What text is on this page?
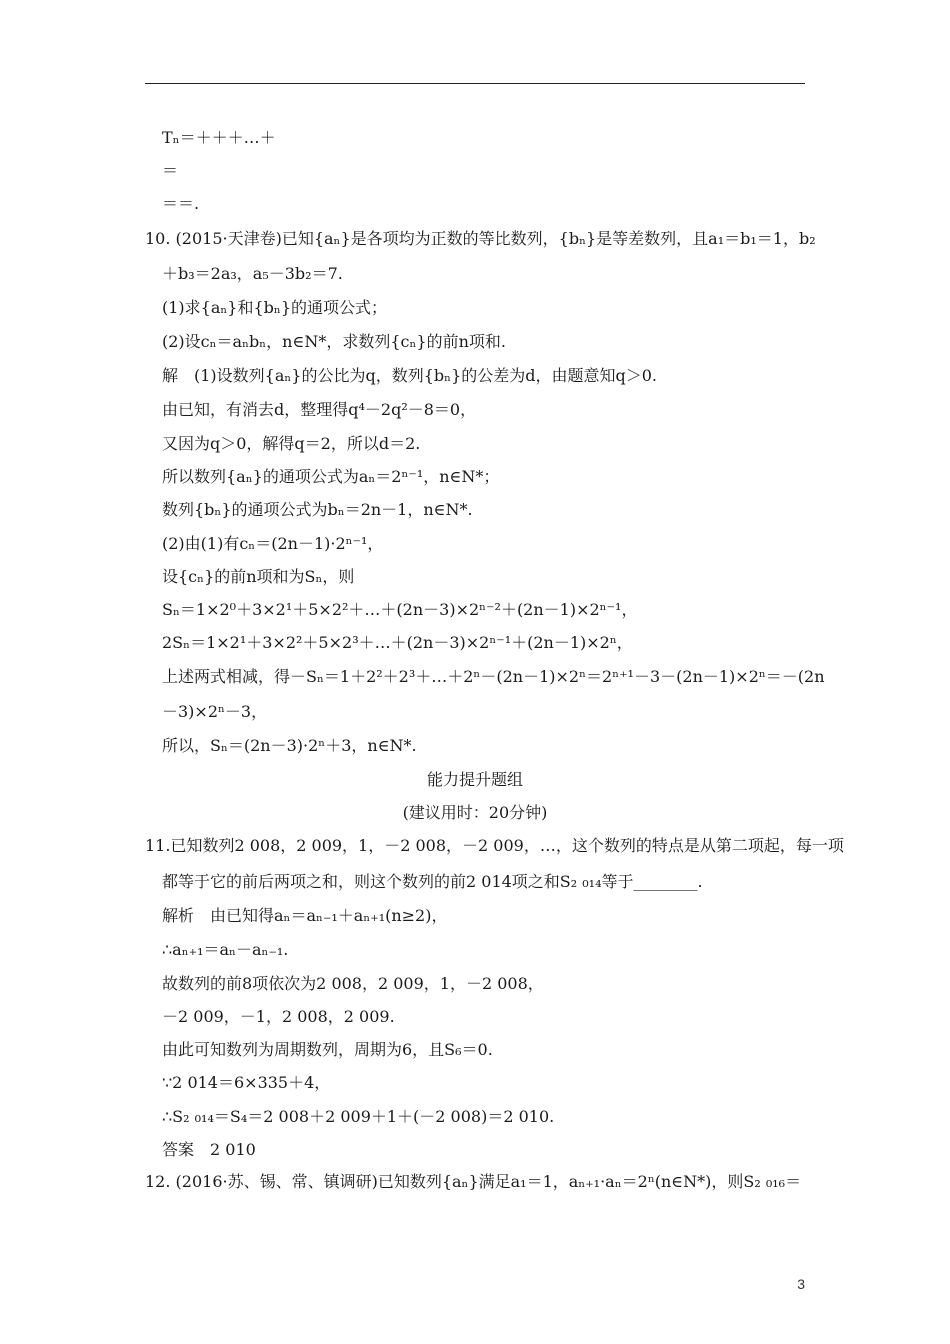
Tₙ＝＋＋＋…＋
＝
＝＝.
10. (2015·天津卷)已知{aₙ}是各项均为正数的等比数列，{bₙ}是等差数列，且a₁＝b₁＝1，b₂
＋b₃＝2a₃，a₅－3b₂＝7.
(1)求{aₙ}和{bₙ}的通项公式；
(2)设cₙ＝aₙbₙ，n∈N*，求数列{cₙ}的前n项和.
解　(1)设数列{aₙ}的公比为q，数列{bₙ}的公差为d，由题意知q＞0.
由已知，有消去d，整理得q⁴－2q²－8＝0，
又因为q＞0，解得q＝2，所以d＝2.
所以数列{aₙ}的通项公式为aₙ＝2ⁿ⁻¹，n∈N*；
数列{bₙ}的通项公式为bₙ＝2n－1，n∈N*.
(2)由(1)有cₙ＝(2n－1)·2ⁿ⁻¹，
设{cₙ}的前n项和为Sₙ，则
Sₙ＝1×2⁰＋3×2¹＋5×2²＋…＋(2n－3)×2ⁿ⁻²＋(2n－1)×2ⁿ⁻¹，
2Sₙ＝1×2¹＋3×2²＋5×2³＋…＋(2n－3)×2ⁿ⁻¹＋(2n－1)×2ⁿ，
上述两式相减，得－Sₙ＝1＋2²＋2³＋…＋2ⁿ－(2n－1)×2ⁿ＝2ⁿ⁺¹－3－(2n－1)×2ⁿ＝－(2n
－3)×2ⁿ－3，
所以，Sₙ＝(2n－3)·2ⁿ＋3，n∈N*.
能力提升题组
(建议用时：20分钟)
11.已知数列2 008，2 009，1，－2 008，－2 009，…，这个数列的特点是从第二项起，每一项
都等于它的前后两项之和，则这个数列的前2 014项之和S₂ ₀₁₄等于________.
解析　由已知得aₙ＝aₙ₋₁＋aₙ₊₁(n≥2)，
∴aₙ₊₁＝aₙ－aₙ₋₁.
故数列的前8项依次为2 008，2 009，1，－2 008，
－2 009，－1，2 008，2 009.
由此可知数列为周期数列，周期为6，且S₆＝0.
∵2 014＝6×335＋4，
∴S₂ ₀₁₄＝S₄＝2 008＋2 009＋1＋(－2 008)＝2 010.
答案　2 010
12. (2016·苏、锡、常、镇调研)已知数列{aₙ}满足a₁＝1，aₙ₊₁·aₙ＝2ⁿ(n∈N*)，则S₂ ₀₁₆＝
3
